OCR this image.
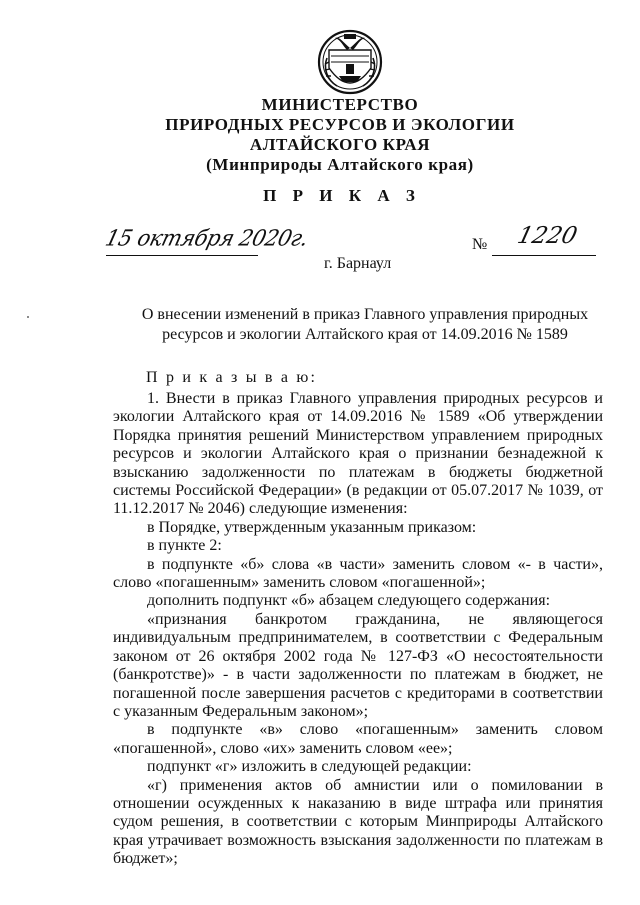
МИНИСТЕРСТВО
ПРИРОДНЫХ РЕСУРСОВ И ЭКОЛОГИИ
АЛТАЙСКОГО КРАЯ
(Минприроды Алтайского края)
П Р И К А З
15 октября 2020г.	№ 1220
г. Барнаул
О внесении изменений в приказ Главного управления природных ресурсов и экологии Алтайского края от 14.09.2016 № 1589
П р и к а з ы в а ю:

1. Внести в приказ Главного управления природных ресурсов и экологии Алтайского края от 14.09.2016 № 1589 «Об утверждении Порядка принятия решений Министерством управлением природных ресурсов и экологии Алтайского края о признании безнадежной к взысканию задолженности по платежам в бюджеты бюджетной системы Российской Федерации» (в редакции от 05.07.2017 № 1039, от 11.12.2017 № 2046) следующие изменения:

в Порядке, утвержденным указанным приказом:

в пункте 2:

в подпункте «б» слова «в части» заменить словом «- в части», слово «погашенным» заменить словом «погашенной»;

дополнить подпункт «б» абзацем следующего содержания:

«признания банкротом гражданина, не являющегося индивидуальным предпринимателем, в соответствии с Федеральным законом от 26 октября 2002 года № 127-ФЗ «О несостоятельности (банкротстве)» - в части задолженности по платежам в бюджет, не погашенной после завершения расчетов с кредиторами в соответствии с указанным Федеральным законом»;

в подпункте «в» слово «погашенным» заменить словом «погашенной», слово «их» заменить словом «ее»;

подпункт «г» изложить в следующей редакции:

«г) применения актов об амнистии или о помиловании в отношении осужденных к наказанию в виде штрафа или принятия судом решения, в соответствии с которым Минприроды Алтайского края утрачивает возможность взыскания задолженности по платежам в бюджет»;
